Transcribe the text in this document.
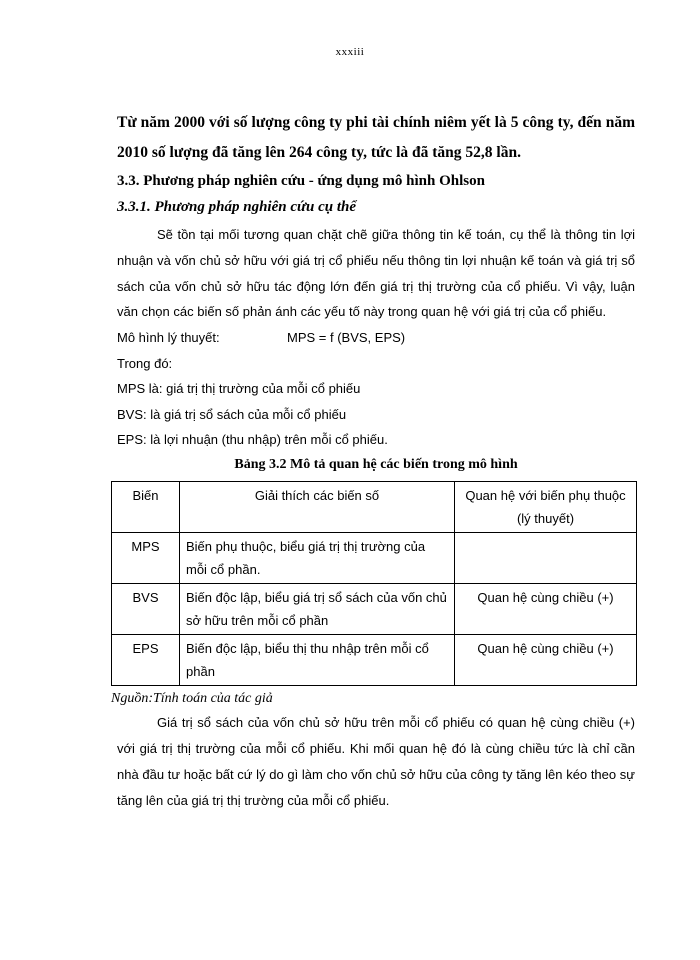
xxxiii

Từ năm 2000 với số lượng công ty phi tài chính niêm yết là 5 công ty, đến năm 2010 số lượng đã tăng lên 264 công ty, tức là đã tăng 52,8 lần.

3.3. Phương pháp nghiên cứu - ứng dụng mô hình Ohlson

3.3.1. Phương pháp nghiên cứu cụ thể

Sẽ tồn tại mối tương quan chặt chẽ giữa thông tin kế toán, cụ thể là thông tin lợi nhuận và vốn chủ sở hữu với giá trị cổ phiếu nếu thông tin lợi nhuận kế toán và giá trị sổ sách của vốn chủ sở hữu tác động lớn đến giá trị thị trường của cổ phiếu. Vì vậy, luận văn chọn các biến số phản ánh các yếu tố này trong quan hệ với giá trị của cổ phiếu.

Mô hình lý thuyết:	MPS = f (BVS, EPS)

Trong đó:

MPS là: giá trị thị trường của mỗi cổ phiếu

BVS: là giá trị sổ sách của mỗi cổ phiếu

EPS: là lợi nhuận (thu nhập) trên mỗi cổ phiếu.

Bảng 3.2 Mô tả quan hệ các biến trong mô hình
Biến	Giải thích các biến số	Quan hệ với biến phụ thuộc (lý thuyết)
MPS	Biến phụ thuộc, biểu giá trị thị trường của mỗi cổ phần.	
BVS	Biến độc lập, biểu giá trị sổ sách của vốn chủ sở hữu trên mỗi cổ phần	Quan hệ cùng chiều (+)
EPS	Biến độc lập, biểu thị thu nhập trên mỗi cổ phần	Quan hệ cùng chiều (+)

Nguồn:Tính toán của tác giả

Giá trị sổ sách của vốn chủ sở hữu trên mỗi cổ phiếu có quan hệ cùng chiều (+) với giá trị thị trường của mỗi cổ phiếu. Khi mối quan hệ đó là cùng chiều tức là chỉ cần nhà đầu tư hoặc bất cứ lý do gì làm cho vốn chủ sở hữu của công ty tăng lên kéo theo sự tăng lên của giá trị thị trường của mỗi cổ phiếu.
